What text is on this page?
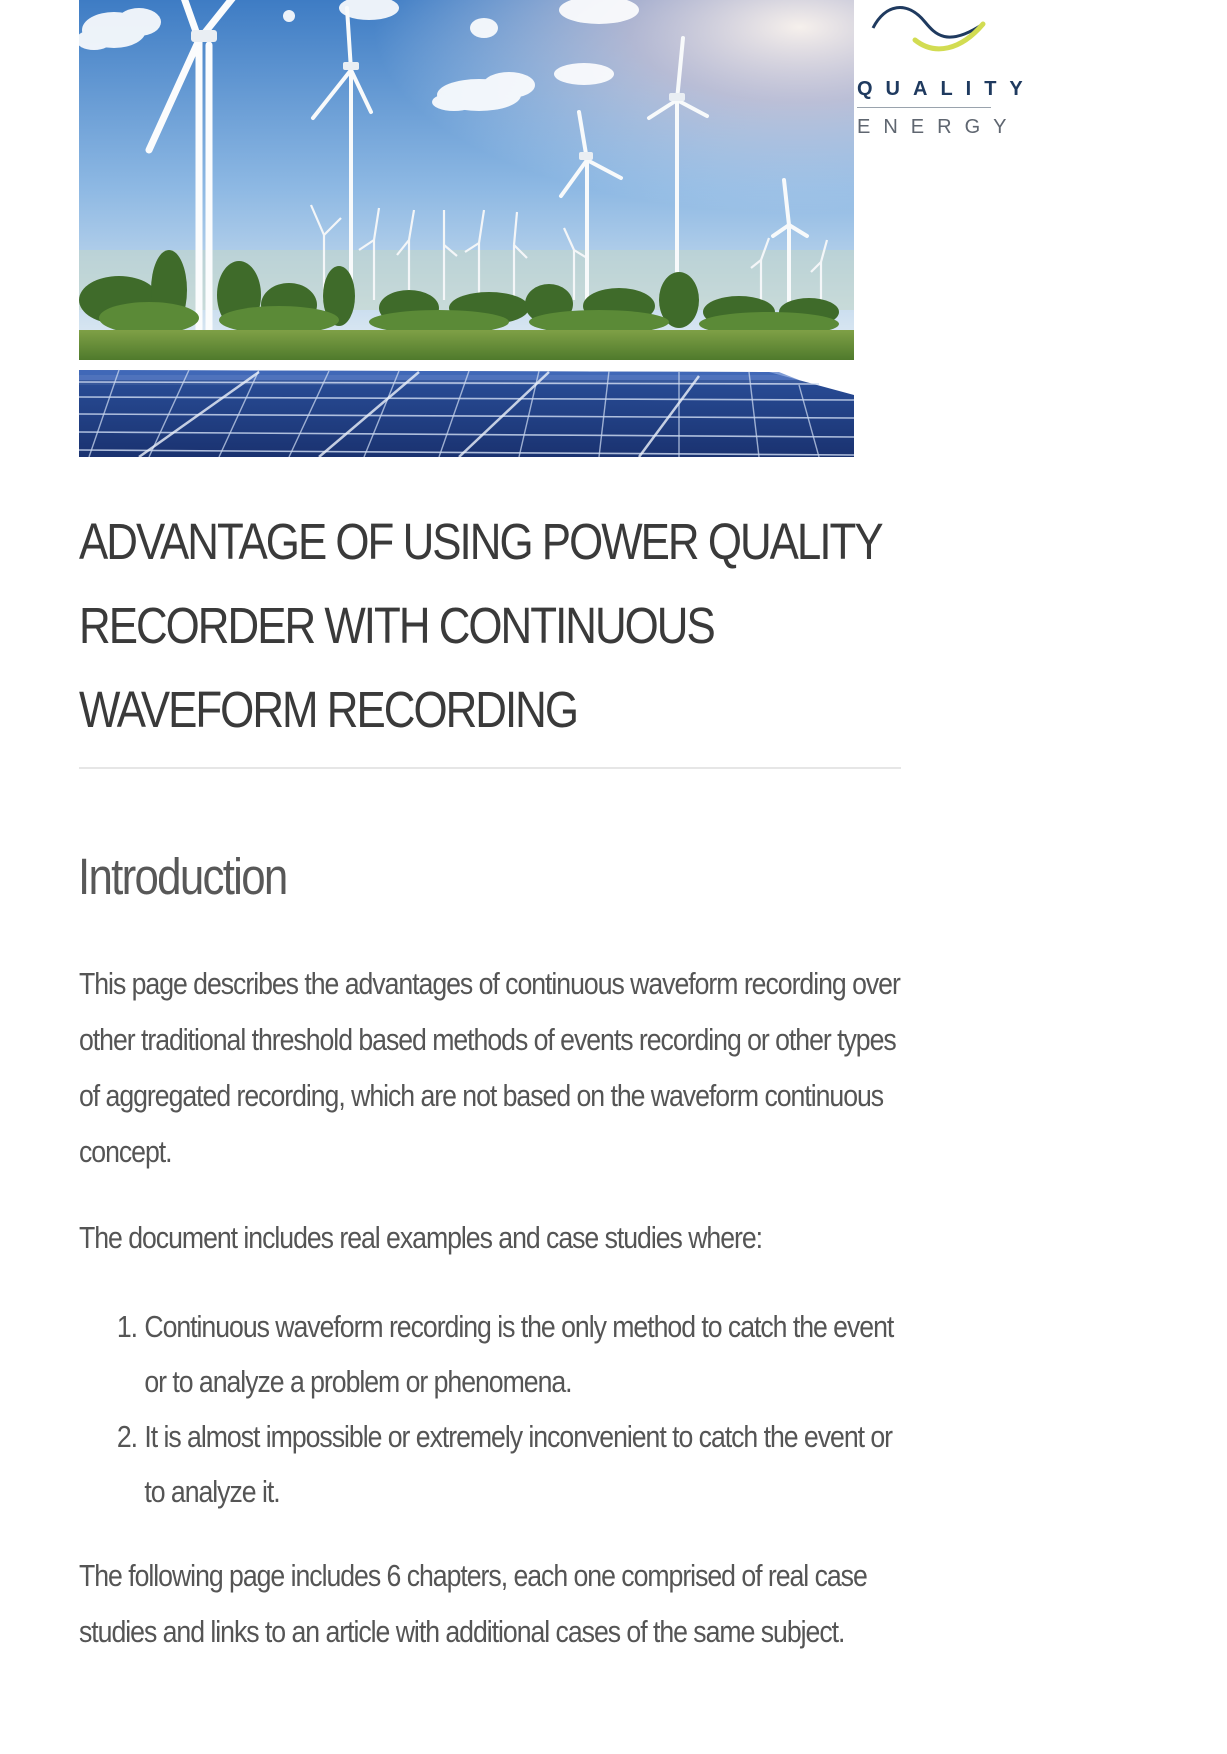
QUALITY
ENERGY
ADVANTAGE OF USING POWER QUALITY RECORDER WITH CONTINUOUS WAVEFORM RECORDING
Introduction

This page describes the advantages of continuous waveform recording over other traditional threshold based methods of events recording or other types of aggregated recording, which are not based on the waveform continuous concept.

The document includes real examples and case studies where:

1. Continuous waveform recording is the only method to catch the event or to analyze a problem or phenomena.
2. It is almost impossible or extremely inconvenient to catch the event or to analyze it.

The following page includes 6 chapters, each one comprised of real case studies and links to an article with additional cases of the same subject.
